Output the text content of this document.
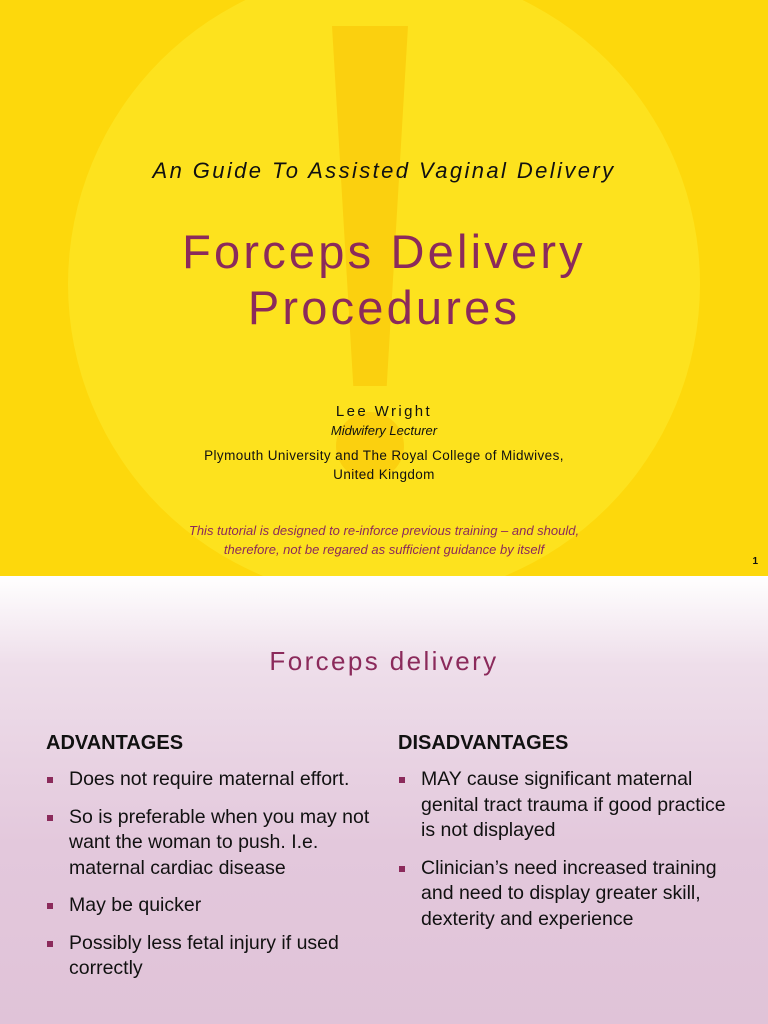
An Guide To Assisted Vaginal Delivery
Forceps Delivery
Procedures
Lee Wright
Midwifery Lecturer
Plymouth University and The Royal College of Midwives,
United Kingdom
This tutorial is designed to re-inforce previous training – and should,
therefore, not be regared as sufficient guidance by itself
1
Forceps delivery
ADVANTAGES
Does not require maternal effort.
So is preferable when you may not want the woman to push. I.e. maternal cardiac disease
May be quicker
Possibly less fetal injury if used correctly
DISADVANTAGES
MAY cause significant maternal genital tract trauma if good practice is not displayed
Clinician’s need increased training and need to display greater skill, dexterity and experience
